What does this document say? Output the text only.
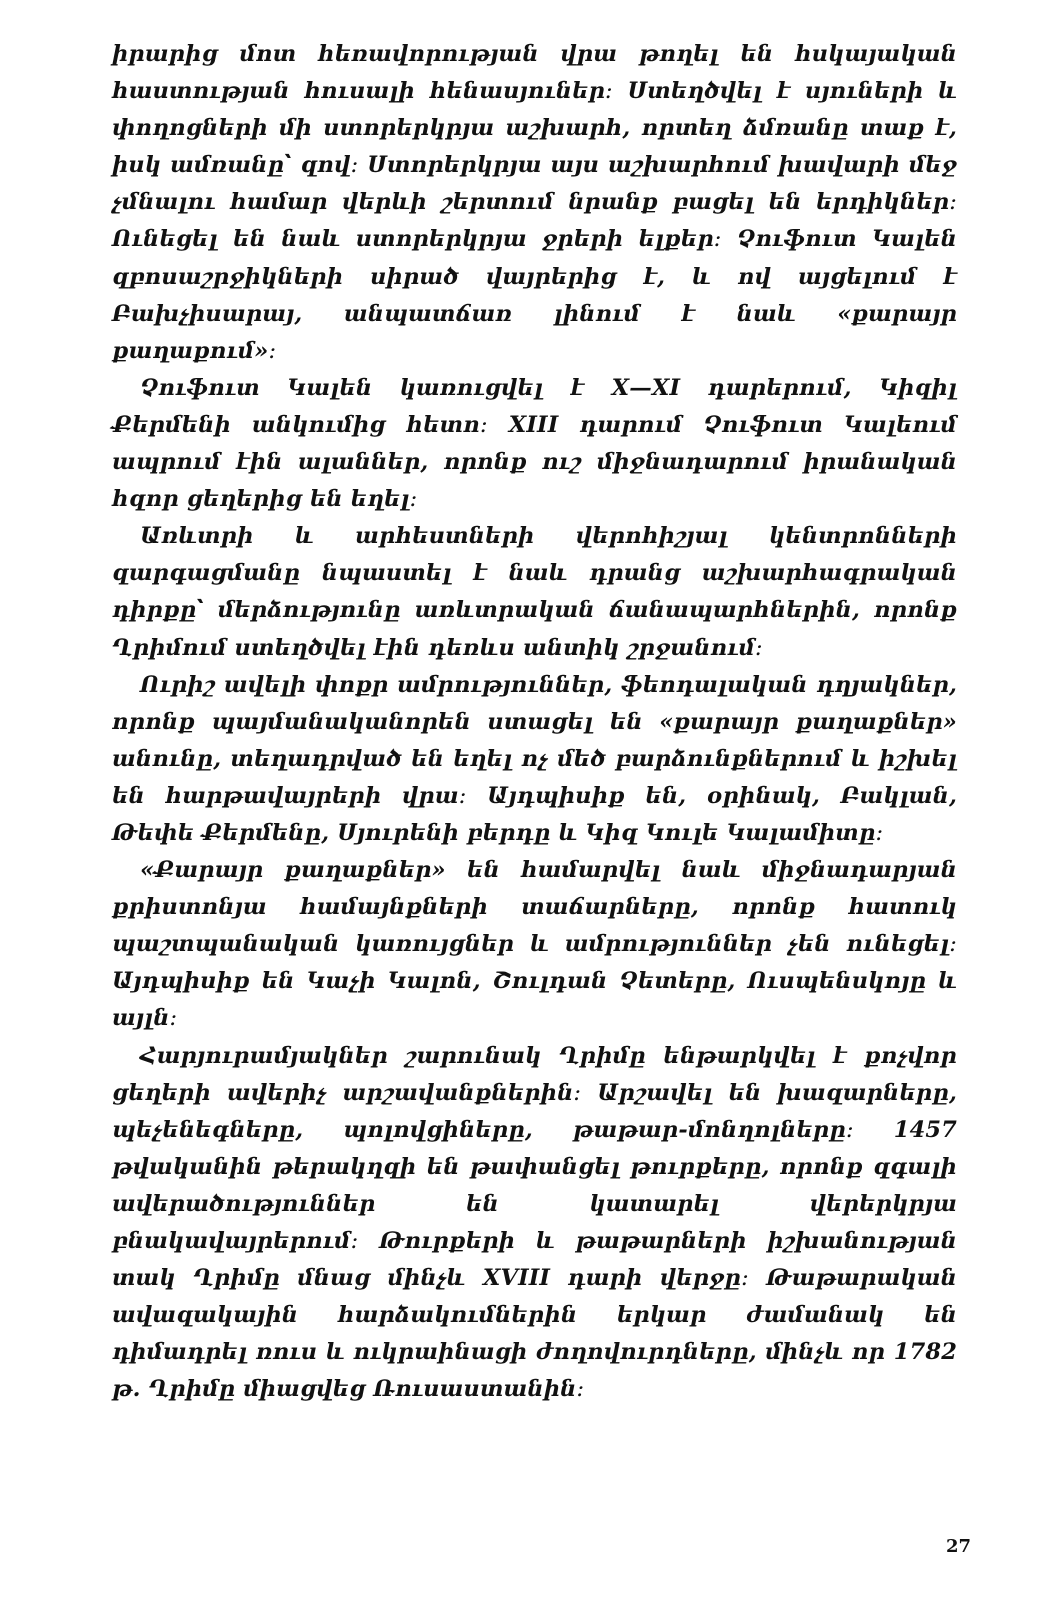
իրարից մոտ հեռավորության վրա թողել են հսկայական հաստության հուսալի հենասյուներ։ Ստեղծվել է սյուների և փողոցների մի ստորերկրյա աշխարհ, որտեղ ձմռանը տաք է, իսկ ամռանը՝ զով։ Ստորերկրյա այս աշխարհում խավարի մեջ չմնալու համար վերևի շերտում նրանք բացել են երդիկներ։ Ունեցել են նաև ստորերկրյա ջրերի ելքեր։ Չուֆուտ Կալեն զբոսաշրջիկների սիրած վայրերից է, և ով այցելում է Բախչիսարայ, անպատճառ լինում է նաև «քարայր քաղաքում»։

Չուֆուտ Կալեն կառուցվել է X—XI դարերում, Կիզիլ Քերմենի անկումից հետո։ XIII դարում Չուֆուտ Կալեում ապրում էին ալաններ, որոնք ուշ միջնադարում իրանական հզոր ցեղերից են եղել։

Առևտրի և արհեստների վերոհիշյալ կենտրոնների զարգացմանը նպաստել է նաև դրանց աշխարհագրական դիրքը՝ մերձությունը առևտրական ճանապարհներին, որոնք Ղրիմում ստեղծվել էին դեռևս անտիկ շրջանում։

Ուրիշ ավելի փոքր ամրություններ, ֆեոդալական դղյակներ, որոնք պայմանականորեն ստացել են «քարայր քաղաքներ» անունը, տեղադրված են եղել ոչ մեծ բարձունքներում և իշխել են հարթավայրերի վրա։ Այդպիսիք են, օրինակ, Բակլան, Թեփե Քերմենը, Սյուրենի բերդը և Կիզ Կուլե Կալամիտը։

«Քարայր քաղաքներ» են համարվել նաև միջնադարյան քրիստոնյա համայնքների տաճարները, որոնք հատուկ պաշտպանական կառույցներ և ամրություններ չեն ունեցել։ Այդպիսիք են Կաչի Կալոն, Շուլդան Չետերը, Ուսպենսկոյը և այլն։

Հարյուրամյակներ շարունակ Ղրիմը ենթարկվել է քոչվոր ցեղերի ավերիչ արշավանքներին։ Արշավել են խազարները, պեչենեգները, պոլովցիները, թաթար-մոնղոլները։ 1457 թվականին թերակղզի են թափանցել թուրքերը, որոնք զգալի ավերածություններ են կատարել վերերկրյա բնակավայրերում։ Թուրքերի և թաթարների իշխանության տակ Ղրիմը մնաց մինչև XVIII դարի վերջը։ Թաթարական ավազակային հարձակումներին երկար ժամանակ են դիմադրել ռուս և ուկրաինացի ժողովուրդները, մինչև որ 1782 թ. Ղրիմը միացվեց Ռուսաստանին։

27
